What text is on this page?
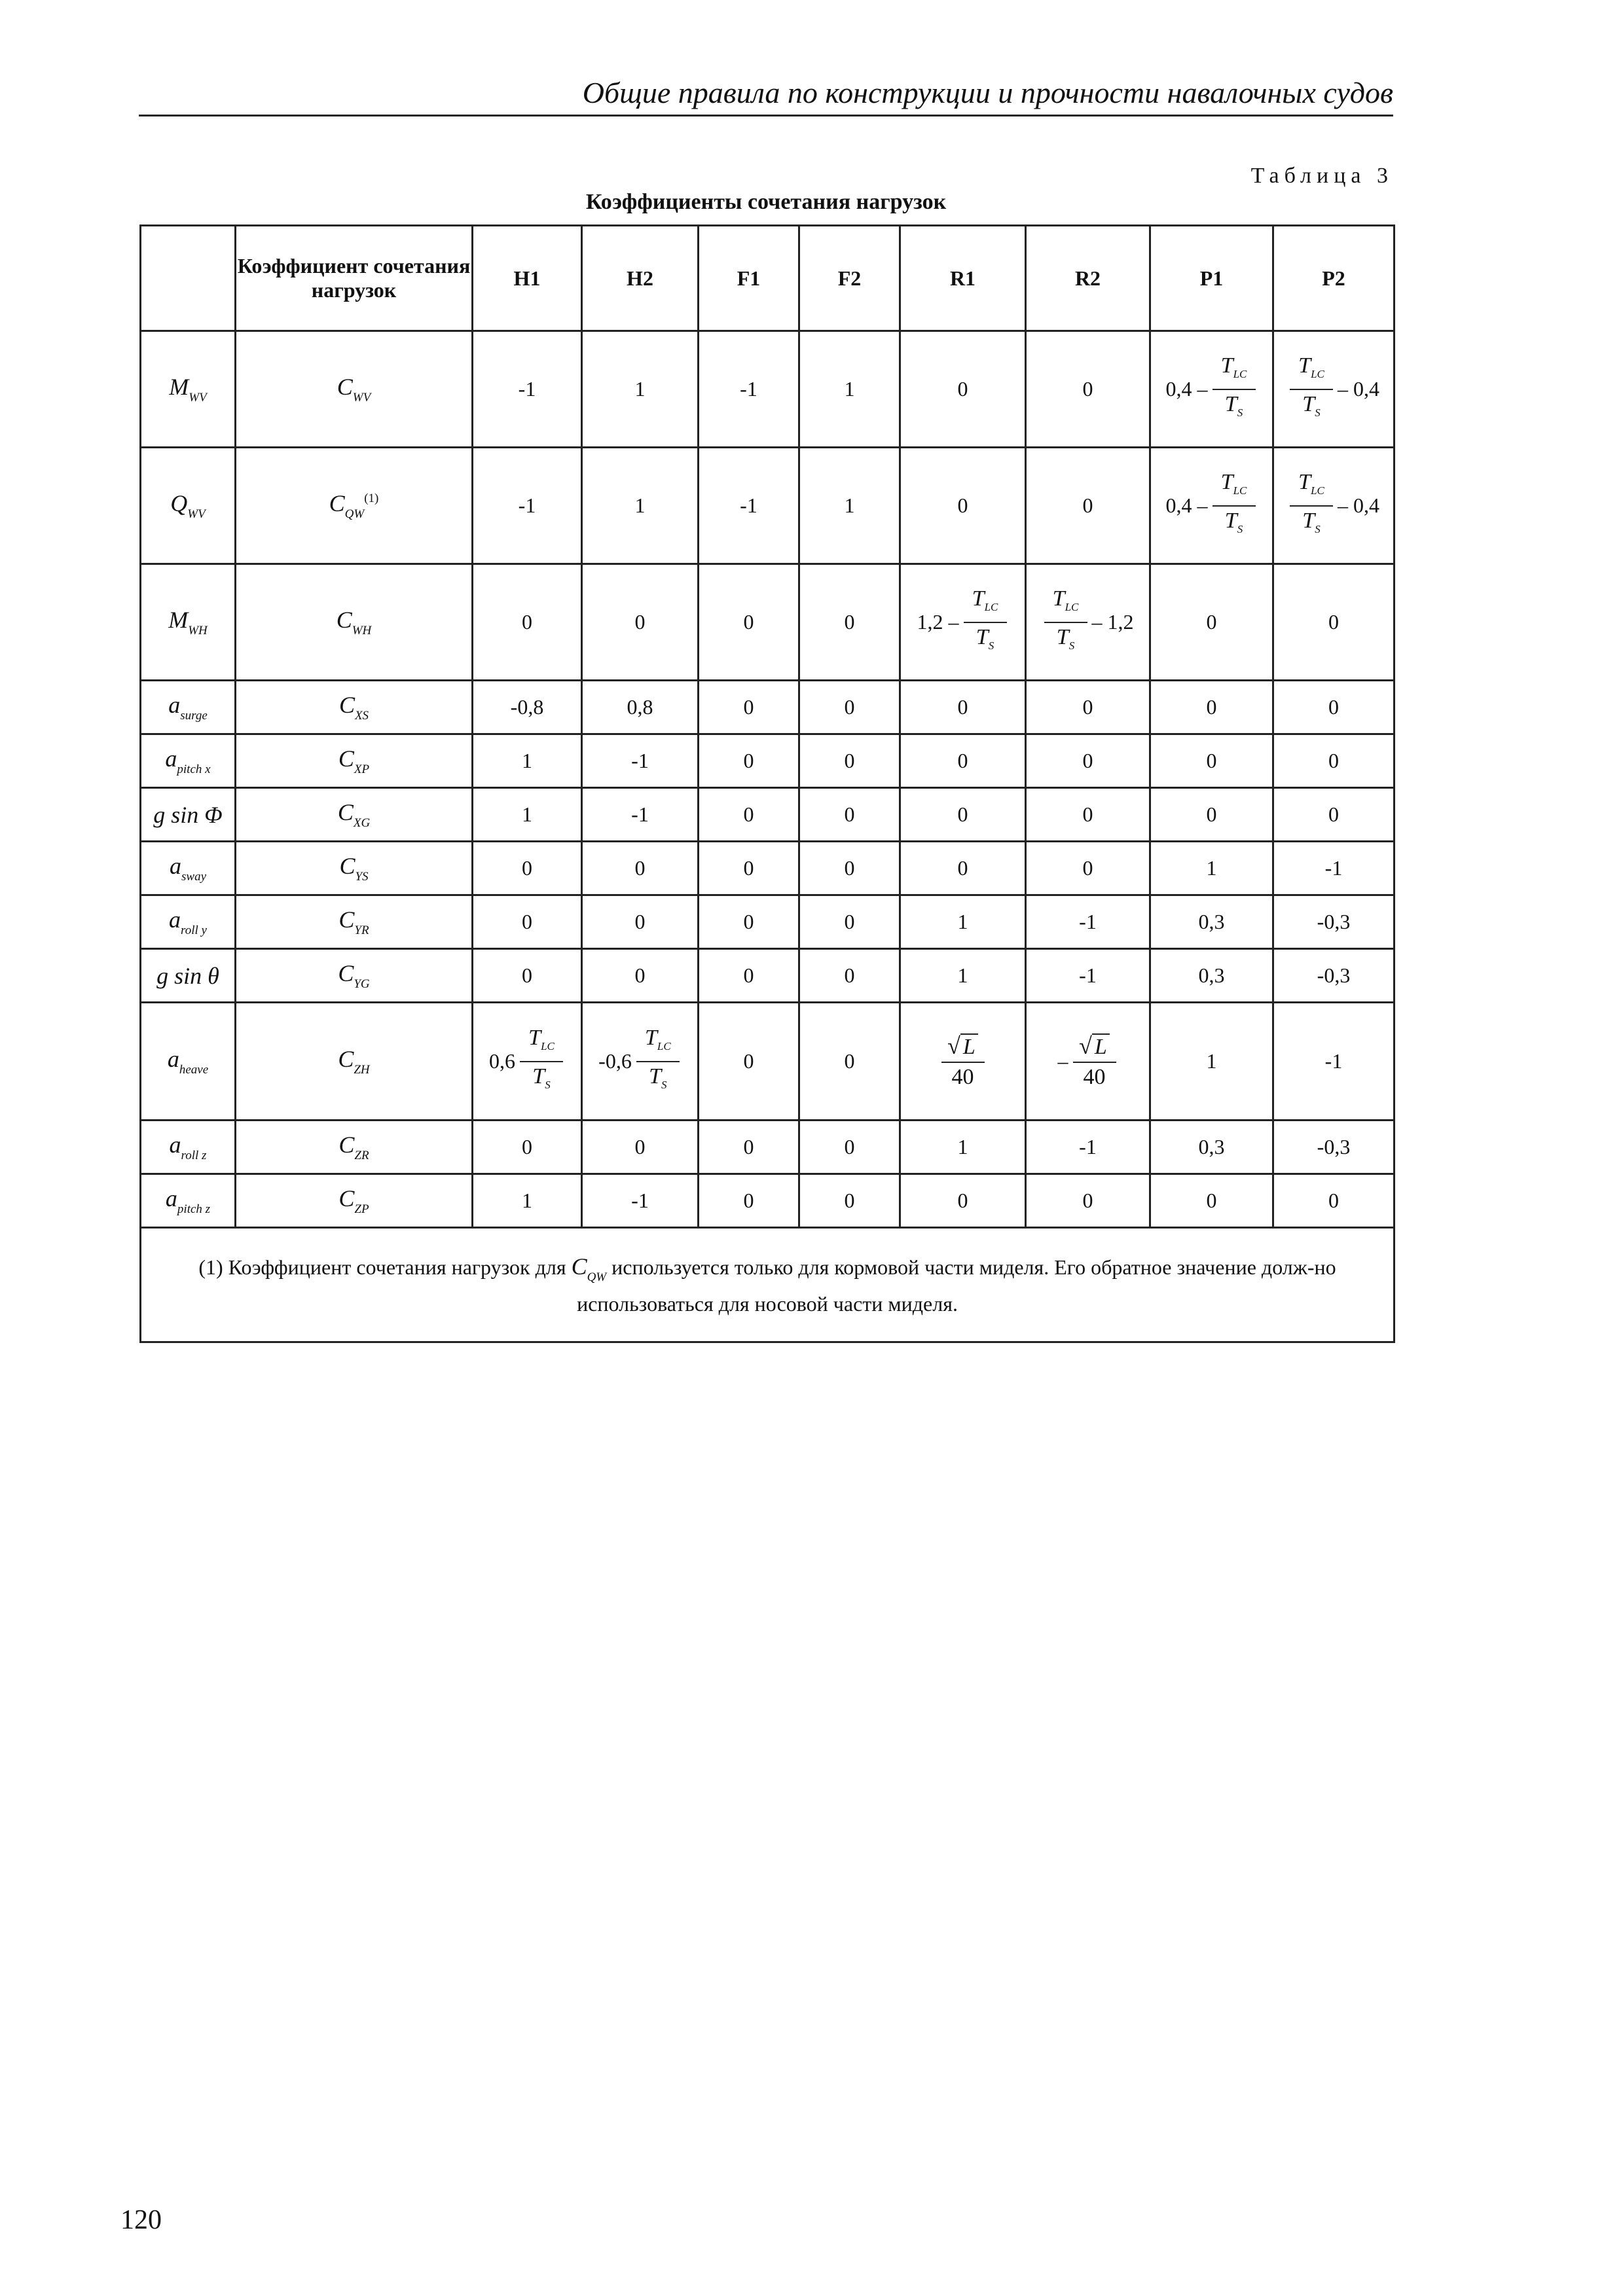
Общие правила по конструкции и прочности навалочных судов
Таблица 3
Коэффициенты сочетания нагрузок
	Коэффициент сочетания нагрузок	H1	H2	F1	F2	R1	R2	P1	P2
$M_{WV}$	$C_{WV}$	-1	1	-1	1	0	0	$0,4 - \frac{T_{LC}}{T_S}$	$\frac{T_{LC}}{T_S} - 0,4$

$Q_{WV}$	$C_{QW}^{(1)}$	-1	1	-1	1	0	0	$0,4 - \frac{T_{LC}}{T_S}$	$\frac{T_{LC}}{T_S} - 0,4$

$M_{WH}$	$C_{WH}$	0	0	0	0	$1,2 - \frac{T_{LC}}{T_S}$	$\frac{T_{LC}}{T_S} - 1,2$	0	0
$a_{surge}$	$C_{XS}$	-0,8	0,8	0	0	0	0	0	0
$a_{pitch x}$	$C_{XP}$	1	-1	0	0	0	0	0	0
g sin Φ	$C_{XG}$	1	-1	0	0	0	0	0	0
$a_{sway}$	$C_{YS}$	0	0	0	0	0	0	1	-1
$a_{roll y}$	$C_{YR}$	0	0	0	0	1	-1	0,3	-0,3
g sin θ	$C_{YG}$	0	0	0	0	1	-1	0,3	-0,3
$a_{heave}$	$C_{ZH}$	$0,6 \frac{T_{LC}}{T_S}$	$-0,6 \frac{T_{LC}}{T_S}$	0	0	$\frac{√ L}{40}$	– $\frac{√ L}{40}$	1	-1
$a_{roll z}$	$C_{ZR}$	0	0	0	0	1	-1	0,3	-0,3
$a_{pitch z}$	$C_{ZP}$	1	-1	0	0	0	0	0	0
(1) Коэффициент сочетания нагрузок для $C_{QW}$ используется только для кормовой части миделя. Его обратное значение долж-но использоваться для носовой части миделя.									
120
